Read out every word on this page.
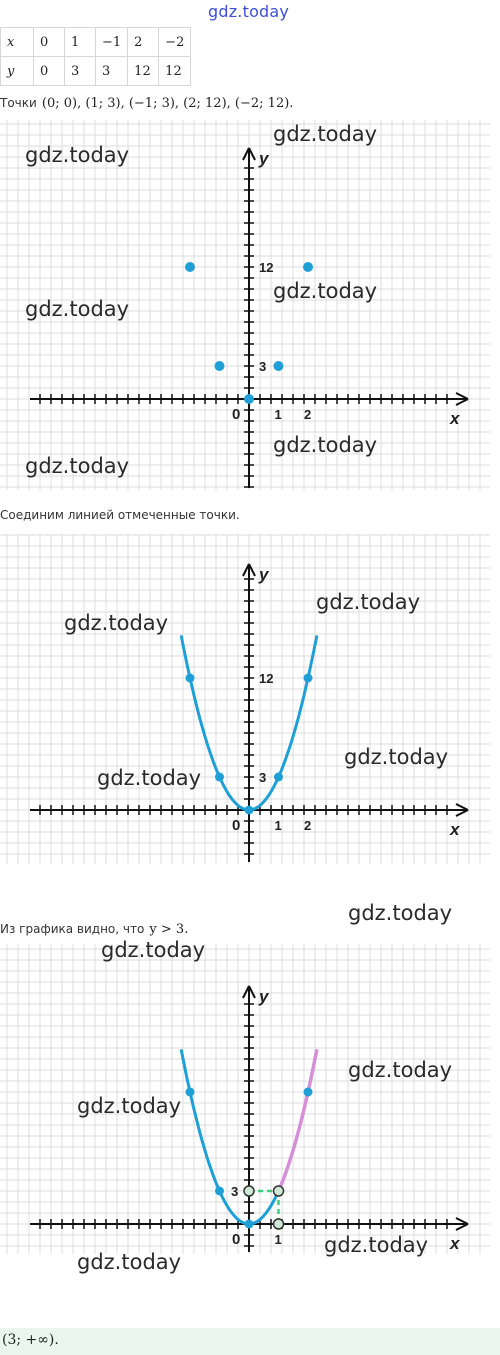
gdz.today
x	0	1	−1	2	−2
y	0	3	3	12	12
Точки (0; 0), (1; 3), (−1; 3), (2; 12), (−2; 12).
x
y
0	1 2
3
12
Соединим линией отмеченные точки.
x
y
0	1 2
3
12
Из графика видно, что y > 3.
x
y
0	1
3
gdz.today
gdz.today
gdz.today
gdz.today
gdz.today
gdz.today
gdz.today
gdz.today
gdz.today
gdz.today
gdz.today
gdz.today
gdz.today
gdz.today
gdz.today
gdz.today
(3; +∞).
